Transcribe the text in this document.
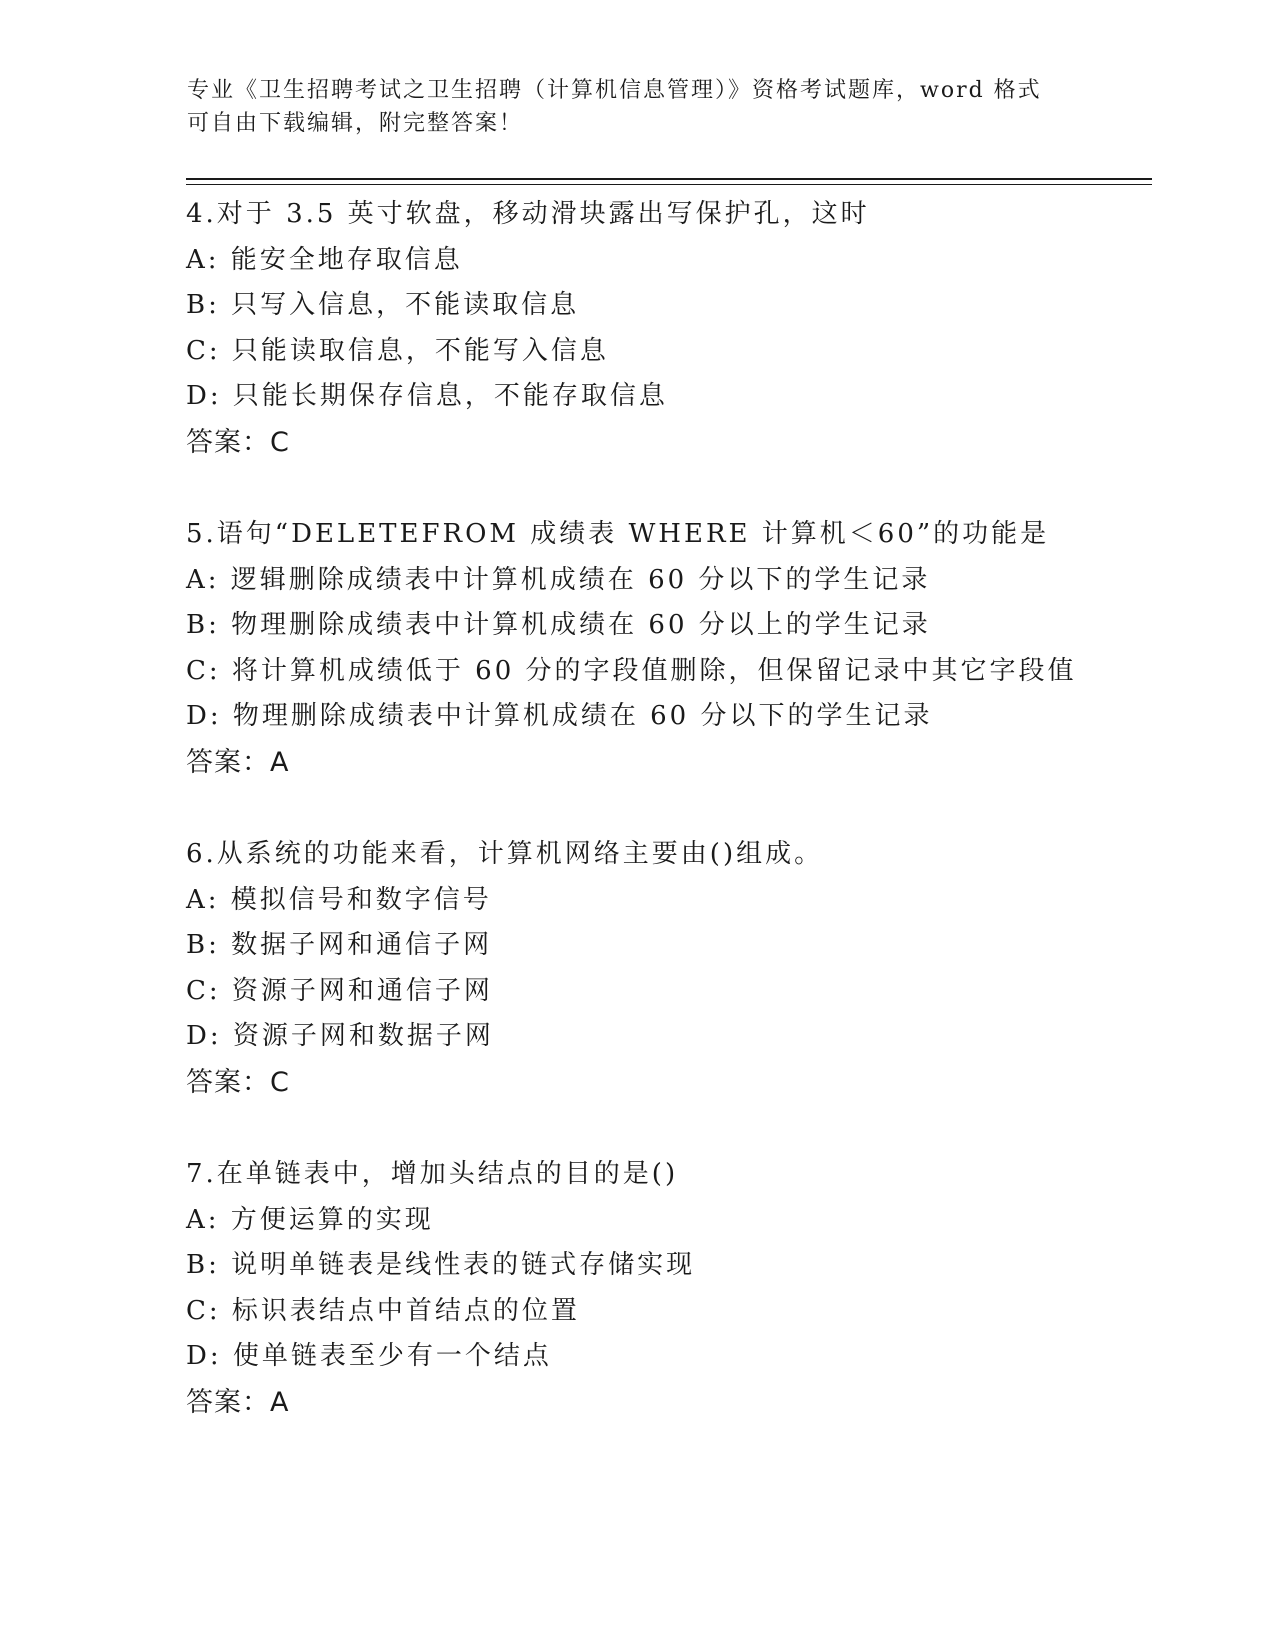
专业《卫生招聘考试之卫生招聘（计算机信息管理）》资格考试题库，word 格式
可自由下载编辑，附完整答案！
4.对于 3.5 英寸软盘，移动滑块露出写保护孔，这时
A: 能安全地存取信息
B: 只写入信息，不能读取信息
C: 只能读取信息，不能写入信息
D: 只能长期保存信息，不能存取信息
答案：C
5.语句“DELETEFROM 成绩表 WHERE 计算机＜60”的功能是
A: 逻辑删除成绩表中计算机成绩在 60 分以下的学生记录
B: 物理删除成绩表中计算机成绩在 60 分以上的学生记录
C: 将计算机成绩低于 60 分的字段值删除，但保留记录中其它字段值
D: 物理删除成绩表中计算机成绩在 60 分以下的学生记录
答案：A
6.从系统的功能来看，计算机网络主要由()组成。
A: 模拟信号和数字信号
B: 数据子网和通信子网
C: 资源子网和通信子网
D: 资源子网和数据子网
答案：C
7.在单链表中，增加头结点的目的是()
A: 方便运算的实现
B: 说明单链表是线性表的链式存储实现
C: 标识表结点中首结点的位置
D: 使单链表至少有一个结点
答案：A
